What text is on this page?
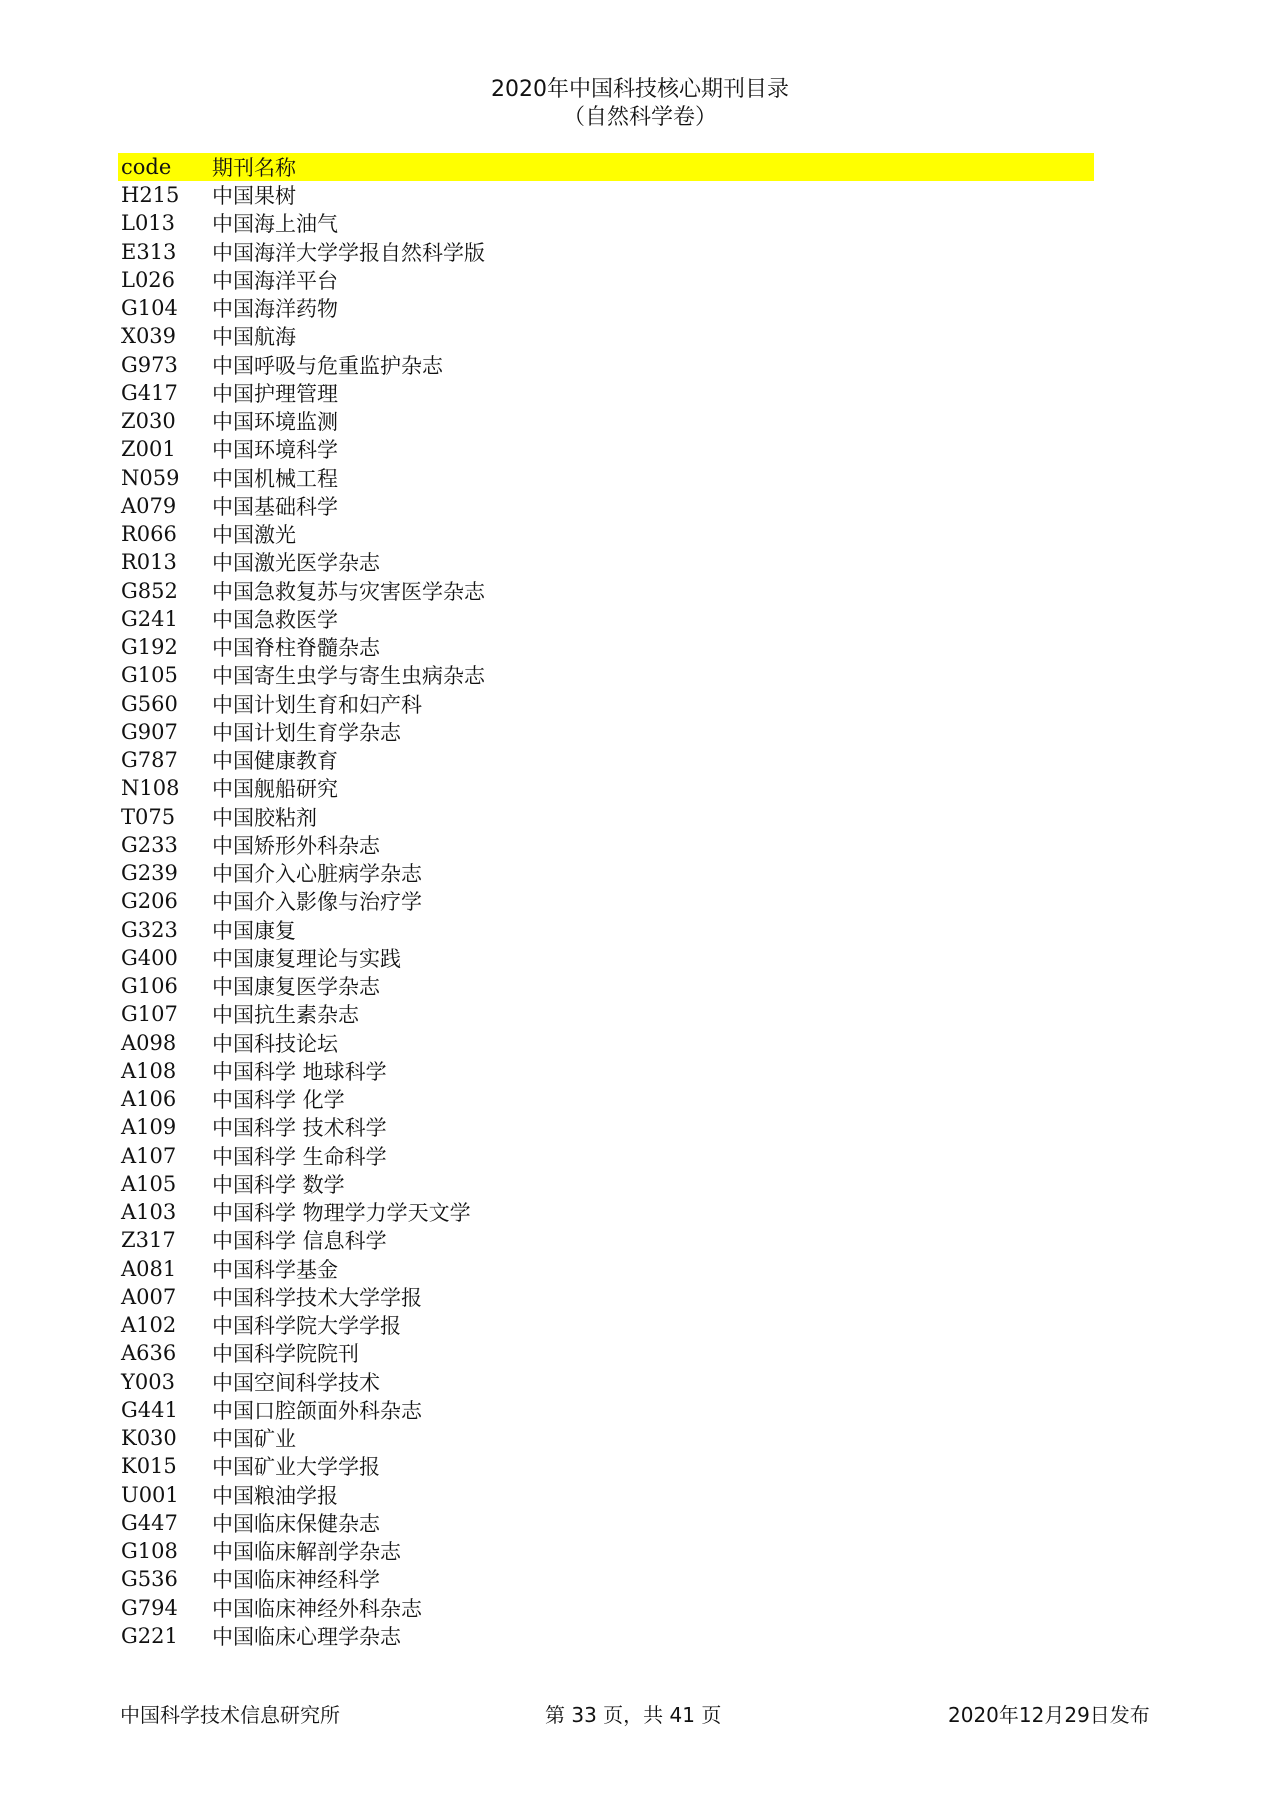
2020年中国科技核心期刊目录
（自然科学卷）
code	期刊名称
H215	中国果树
L013	中国海上油气
E313	中国海洋大学学报自然科学版
L026	中国海洋平台
G104	中国海洋药物
X039	中国航海
G973	中国呼吸与危重监护杂志
G417	中国护理管理
Z030	中国环境监测
Z001	中国环境科学
N059	中国机械工程
A079	中国基础科学
R066	中国激光
R013	中国激光医学杂志
G852	中国急救复苏与灾害医学杂志
G241	中国急救医学
G192	中国脊柱脊髓杂志
G105	中国寄生虫学与寄生虫病杂志
G560	中国计划生育和妇产科
G907	中国计划生育学杂志
G787	中国健康教育
N108	中国舰船研究
T075	中国胶粘剂
G233	中国矫形外科杂志
G239	中国介入心脏病学杂志
G206	中国介入影像与治疗学
G323	中国康复
G400	中国康复理论与实践
G106	中国康复医学杂志
G107	中国抗生素杂志
A098	中国科技论坛
A108	中国科学 地球科学
A106	中国科学 化学
A109	中国科学 技术科学
A107	中国科学 生命科学
A105	中国科学 数学
A103	中国科学 物理学力学天文学
Z317	中国科学 信息科学
A081	中国科学基金
A007	中国科学技术大学学报
A102	中国科学院大学学报
A636	中国科学院院刊
Y003	中国空间科学技术
G441	中国口腔颌面外科杂志
K030	中国矿业
K015	中国矿业大学学报
U001	中国粮油学报
G447	中国临床保健杂志
G108	中国临床解剖学杂志
G536	中国临床神经科学
G794	中国临床神经外科杂志
G221	中国临床心理学杂志
中国科学技术信息研究所	第 33 页，共 41 页	2020年12月29日发布
